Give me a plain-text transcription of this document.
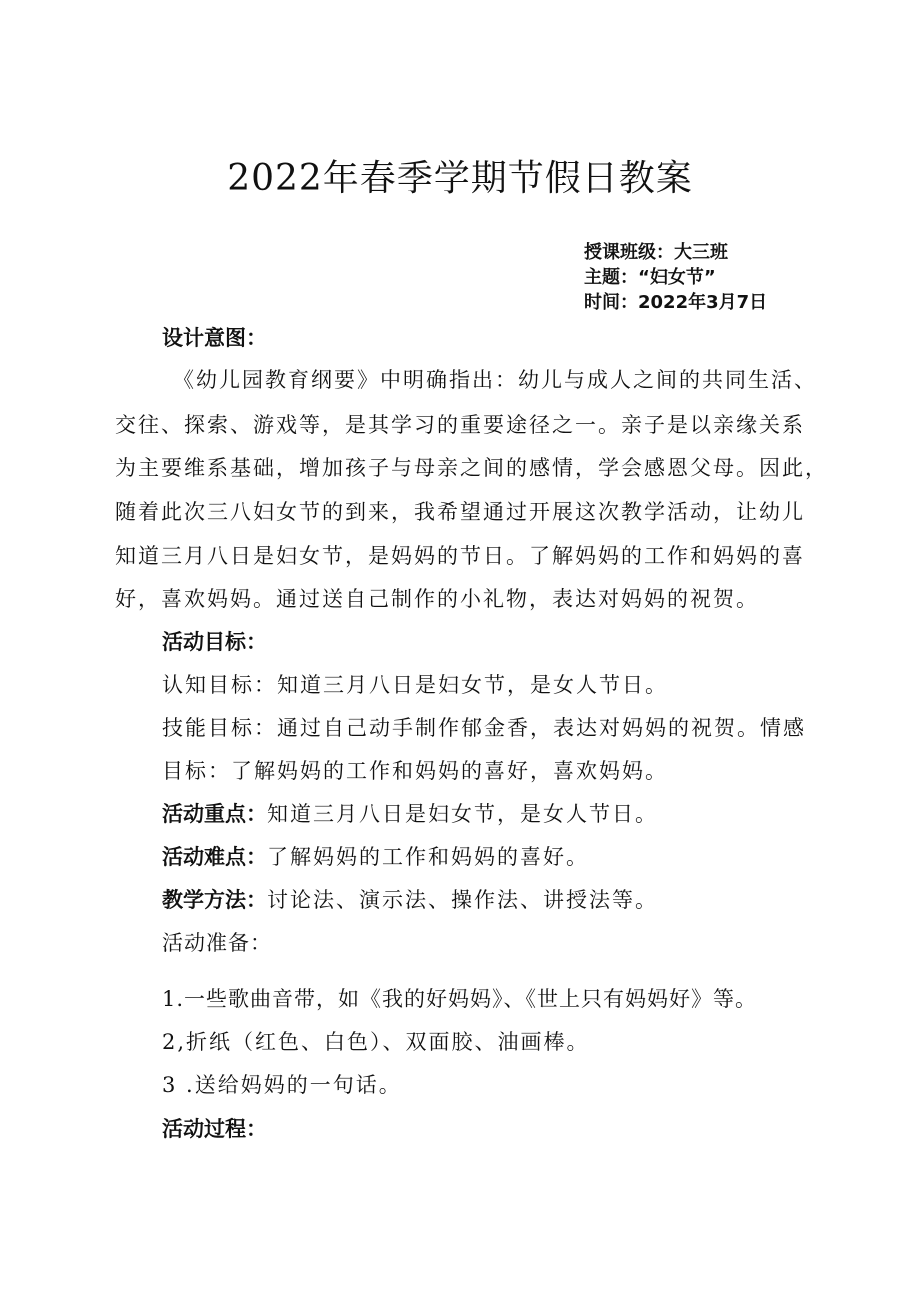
2022年春季学期节假日教案
授课班级：大三班
主题：“妇女节”
时间：2022年3月7日
设计意图：
《幼儿园教育纲要》中明确指出：幼儿与成人之间的共同生活、
交往、探索、游戏等，是其学习的重要途径之一。亲子是以亲缘关系
为主要维系基础，增加孩子与母亲之间的感情，学会感恩父母。因此，
随着此次三八妇女节的到来，我希望通过开展这次教学活动，让幼儿
知道三月八日是妇女节，是妈妈的节日。了解妈妈的工作和妈妈的喜
好，喜欢妈妈。通过送自己制作的小礼物，表达对妈妈的祝贺。
活动目标：
认知目标：知道三月八日是妇女节，是女人节日。
技能目标：通过自己动手制作郁金香，表达对妈妈的祝贺。情感
目标：了解妈妈的工作和妈妈的喜好，喜欢妈妈。
活动重点：知道三月八日是妇女节，是女人节日。
活动难点：了解妈妈的工作和妈妈的喜好。
教学方法：讨论法、演示法、操作法、讲授法等。
活动准备：
1.一些歌曲音带，如《我的好妈妈》、《世上只有妈妈好》等。
2,折纸（红色、白色）、双面胶、油画棒。
3 .送给妈妈的一句话。
活动过程：
